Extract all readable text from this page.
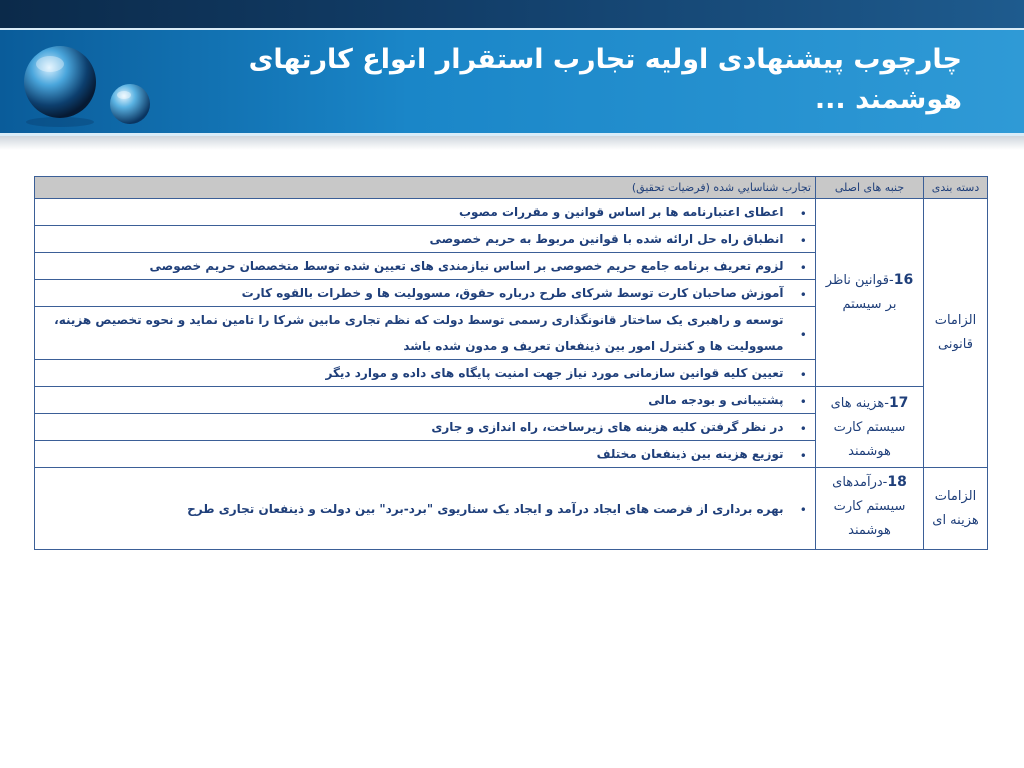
چارچوب پیشنهادی اولیه تجارب استقرار انواع کارتهای
هوشمند ...
دسته بندی	جنبه های اصلی	تجارب شناسايي شده (فرضيات تحقيق)	
الزامات قانونی	16-قوانین ناظر بر سیستم	•	اعطای اعتبارنامه ها بر اساس قوانین و مقررات مصوب
		•	انطباق راه حل ارائه شده با قوانین مربوط به حریم خصوصی
		•	لزوم تعریف برنامه جامع حریم خصوصی بر اساس نیازمندی های تعیین شده توسط متخصصان حریم خصوصی
		•	آموزش صاحبان کارت توسط شرکای طرح درباره حقوق، مسوولیت ها و خطرات بالقوه کارت
		•	توسعه و راهبری یک ساختار قانونگذاری رسمی توسط دولت که نظم تجاری مابین شرکا را تامین نماید و نحوه تخصیص هزینه، مسوولیت ها و کنترل امور بین ذینفعان تعریف و مدون شده باشد
		•	تعیین کلیه قوانین سازمانی مورد نیاز جهت امنیت پایگاه های داده و موارد دیگر
	17-هزینه های سیستم کارت هوشمند	•	پشتیبانی و بودجه مالی
		•	در نظر گرفتن کلیه هزینه های زیرساخت، راه اندازی و جاری
		•	توزیع هزینه بین ذینفعان مختلف
الزامات هزینه ای	18-درآمدهای سیستم کارت هوشمند	•	بهره برداری از فرصت های ایجاد درآمد و ایجاد یک سناریوی "برد-برد" بین دولت و ذینفعان تجاری طرح
